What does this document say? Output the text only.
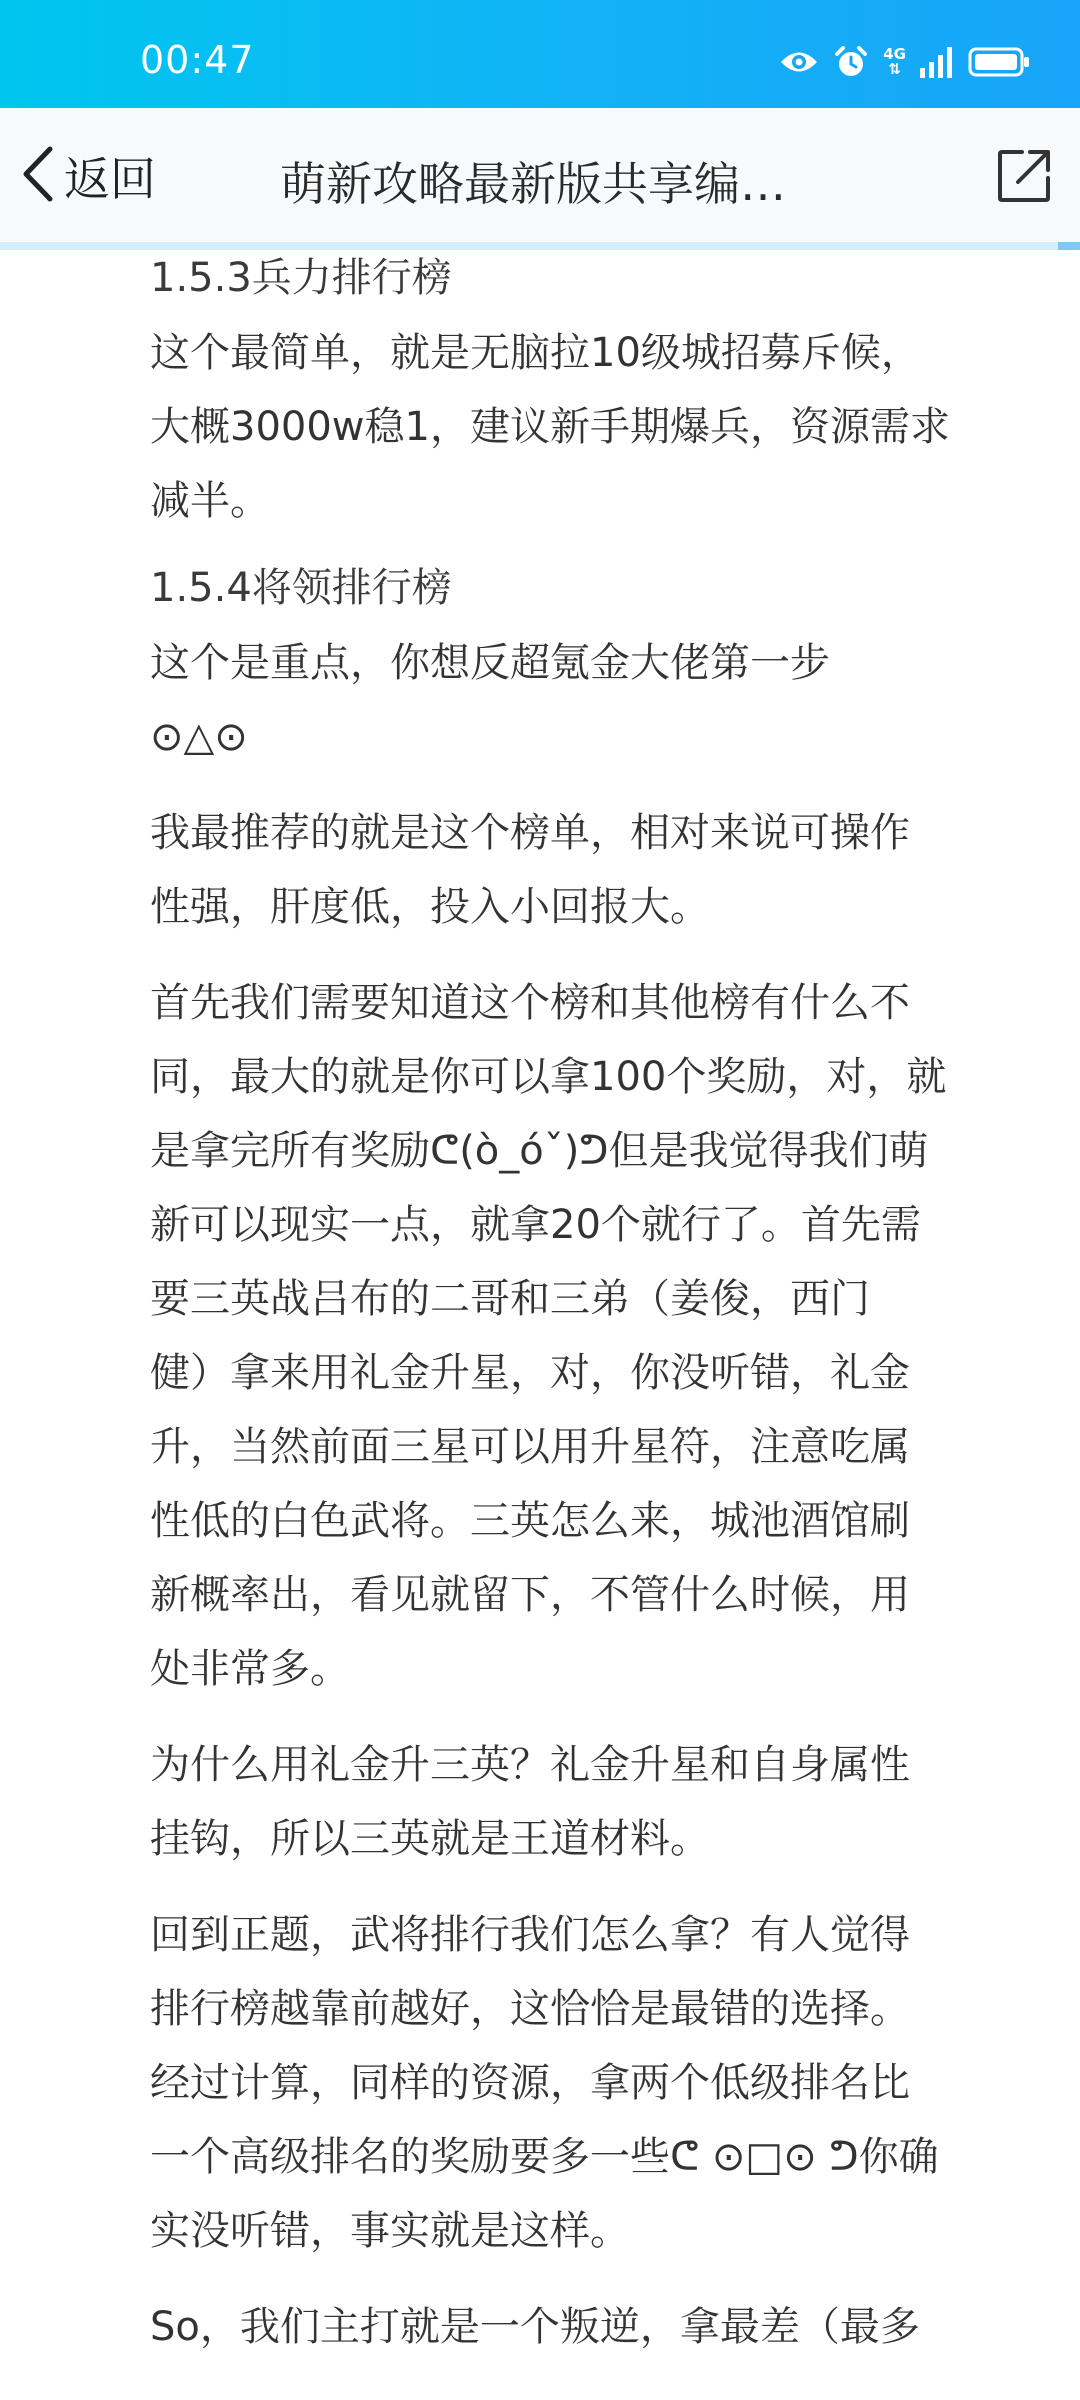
00:47	4G
⇅
返回	萌新攻略最新版共享编…

1.5.3兵力排行榜

这个最简单，就是无脑拉10级城招募斥候，
大概3000w稳1，建议新手期爆兵，资源需求
减半。

1.5.4将领排行榜

这个是重点，你想反超氪金大佬第一步
⊙△⊙

我最推荐的就是这个榜单，相对来说可操作
性强，肝度低，投入小回报大。

首先我们需要知道这个榜和其他榜有什么不
同，最大的就是你可以拿100个奖励，对，就
是拿完所有奖励ᕦ(ò_óˇ)ᕤ但是我觉得我们萌
新可以现实一点，就拿20个就行了。首先需
要三英战吕布的二哥和三弟（姜俊，西门
健）拿来用礼金升星，对，你没听错，礼金
升，当然前面三星可以用升星符，注意吃属
性低的白色武将。三英怎么来，城池酒馆刷
新概率出，看见就留下，不管什么时候，用
处非常多。

为什么用礼金升三英？礼金升星和自身属性
挂钩，所以三英就是王道材料。

回到正题，武将排行我们怎么拿？有人觉得
排行榜越靠前越好，这恰恰是最错的选择。
经过计算，同样的资源，拿两个低级排名比
一个高级排名的奖励要多一些ᕦ ⊙□⊙ ᕤ你确
实没听错，事实就是这样。

So，我们主打就是一个叛逆，拿最差（最多
